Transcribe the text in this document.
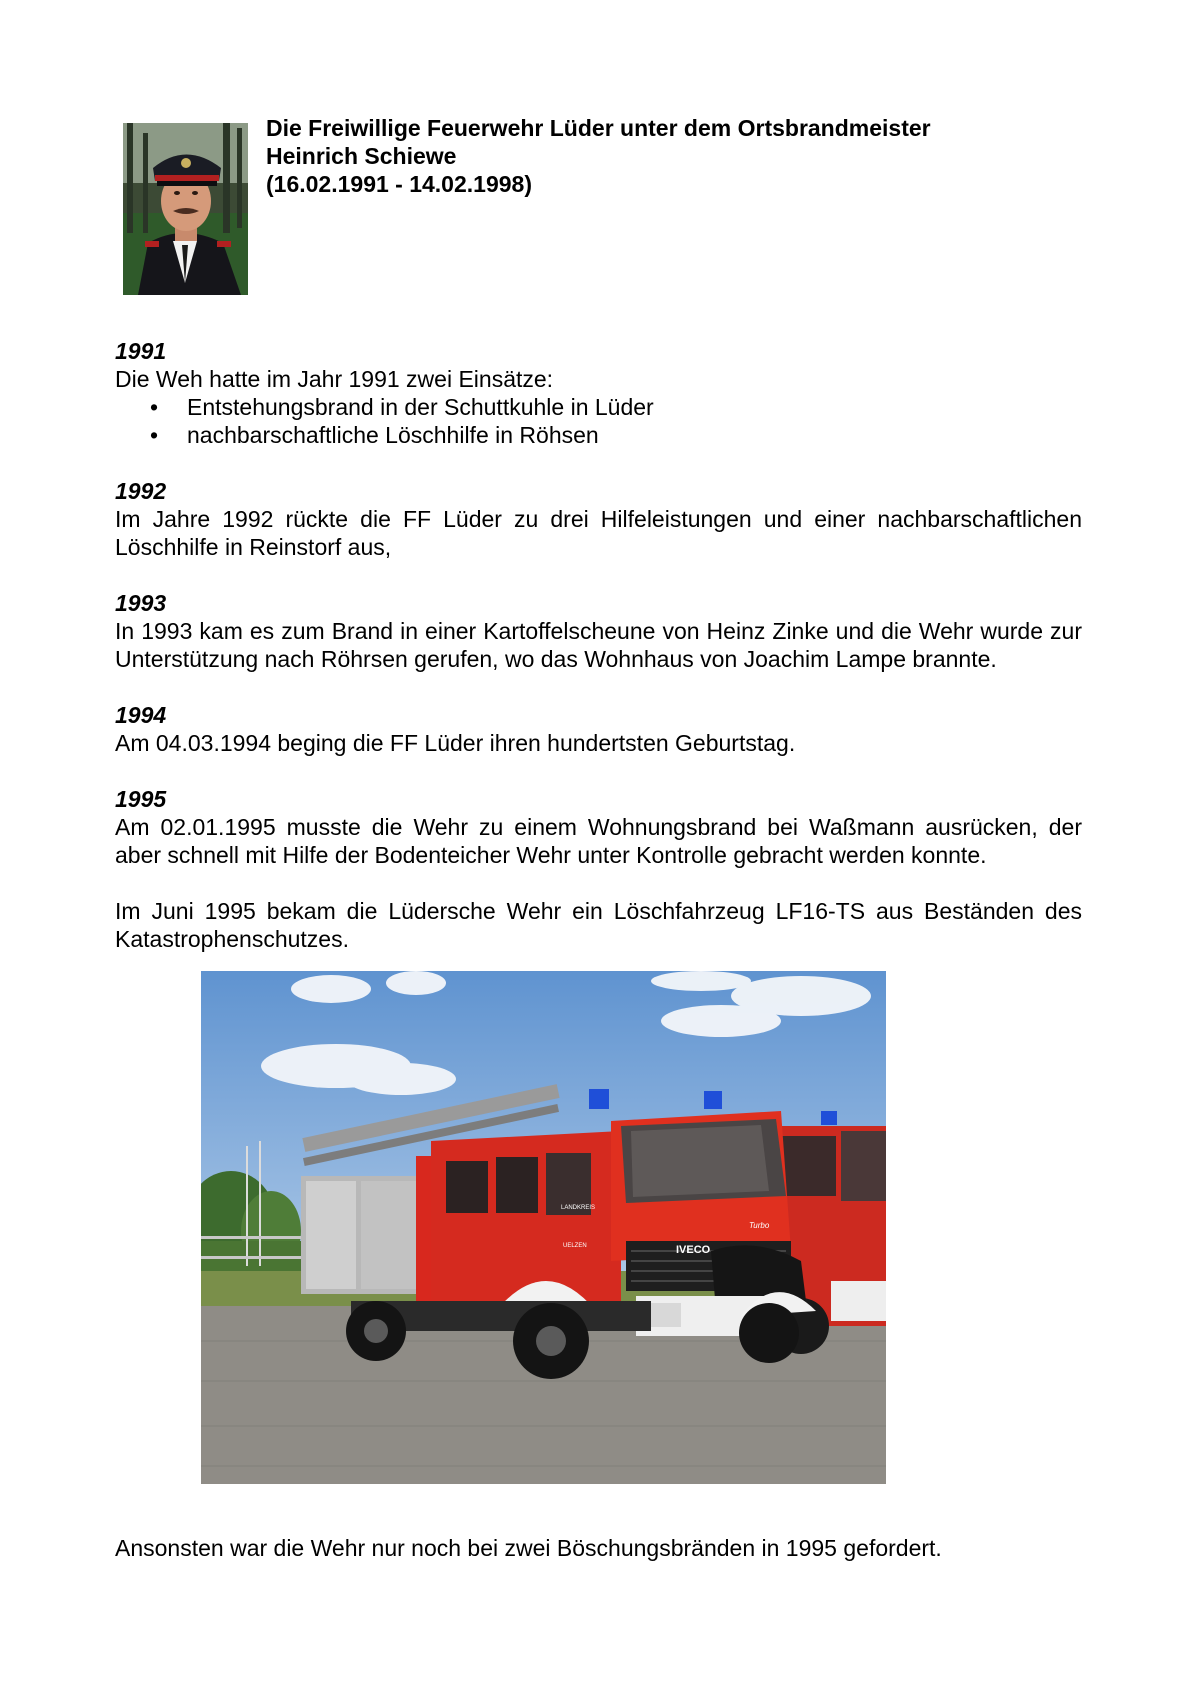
Die Freiwillige Feuerwehr Lüder unter dem Ortsbrandmeister
Heinrich Schiewe
(16.02.1991 - 14.02.1998)
1991
Die Weh hatte im Jahr 1991 zwei Einsätze:
• Entstehungsbrand in der Schuttkuhle in Lüder
• nachbarschaftliche Löschhilfe in Röhsen
1992
Im Jahre 1992 rückte die FF Lüder zu drei Hilfeleistungen und einer nachbarschaftlichen Löschhilfe in Reinstorf aus,
1993
In 1993 kam es zum Brand in einer Kartoffelscheune von Heinz Zinke und die Wehr wurde zur Unterstützung nach Röhrsen gerufen, wo das Wohnhaus von Joachim Lampe brannte.
1994
Am 04.03.1994 beging die FF Lüder ihren hundertsten Geburtstag.
1995
Am 02.01.1995 musste die Wehr zu einem Wohnungsbrand bei Waßmann ausrücken, der aber schnell mit Hilfe der Bodenteicher Wehr unter Kontrolle gebracht werden konnte.
Im Juni 1995 bekam die Lüdersche Wehr ein Löschfahrzeug LF16-TS aus Beständen des Katastrophenschutzes.
IVECO
Turbo
LANDKREIS
UELZEN
Ansonsten war die Wehr nur noch bei zwei Böschungsbränden in 1995 gefordert.
